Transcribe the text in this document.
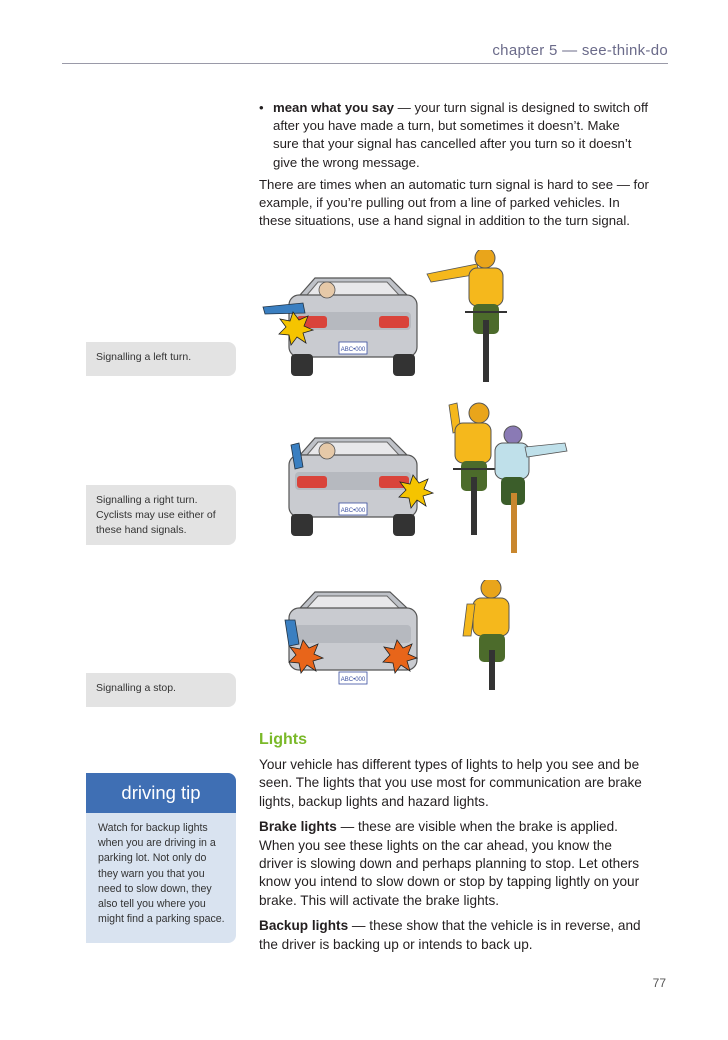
chapter 5 — see-think-do
• mean what you say — your turn signal is designed to switch off after you have made a turn, but sometimes it doesn’t. Make sure that your signal has cancelled after you turn so it doesn’t give the wrong message.
There are times when an automatic turn signal is hard to see — for example, if you’re pulling out from a line of parked vehicles. In these situations, use a hand signal in addition to the turn signal.
Signalling a left turn.
Signalling a right turn. Cyclists may use either of these hand signals.
Signalling a stop.
ABC•000
ABC•000
ABC•000
Lights
Your vehicle has different types of lights to help you see and be seen. The lights that you use most for communication are brake lights, backup lights and hazard lights.
Brake lights — these are visible when the brake is applied. When you see these lights on the car ahead, you know the driver is slowing down and perhaps planning to stop. Let others know you intend to slow down or stop by tapping lightly on your brake. This will activate the brake lights.
Backup lights — these show that the vehicle is in reverse, and the driver is backing up or intends to back up.
driving tip
Watch for backup lights when you are driving in a parking lot. Not only do they warn you that you need to slow down, they also tell you where you might find a parking space.
77
